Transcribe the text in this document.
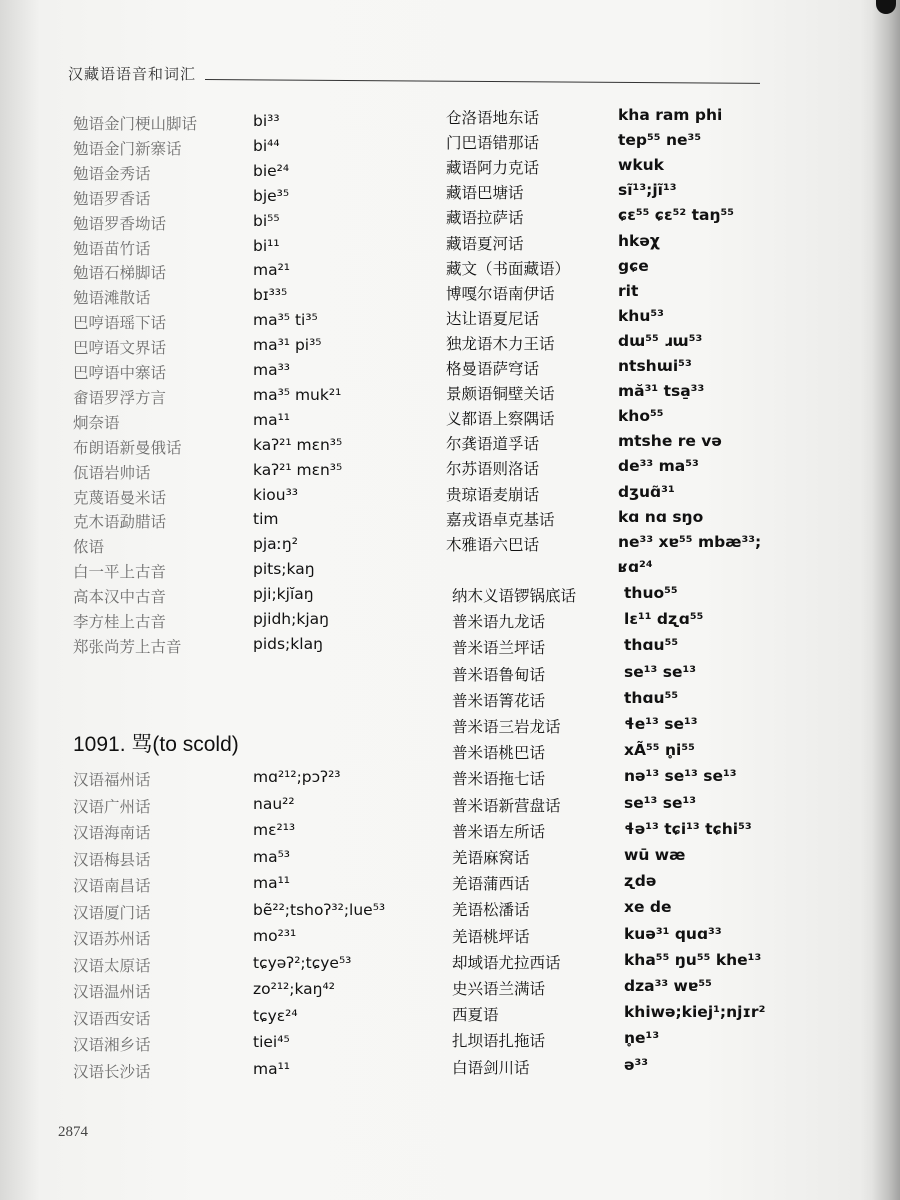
汉藏语语音和词汇
勉语金门梗山脚话	bi³³
勉语金门新寨话	bi⁴⁴
勉语金秀话	bie²⁴
勉语罗香话	bje³⁵
勉语罗香坳话	bi⁵⁵
勉语苗竹话	bi¹¹
勉语石梯脚话	ma²¹
勉语滩散话	bɪ³³⁵
巴哼语瑶下话	ma³⁵ ti³⁵
巴哼语文界话	ma³¹ pi³⁵
巴哼语中寨话	ma³³
畲语罗浮方言	ma³⁵ muk²¹
炯奈语	ma¹¹
布朗语新曼俄话	kaʔ²¹ mɛn³⁵
佤语岩帅话	kaʔ²¹ mɛn³⁵
克蔑语曼米话	kiou³³
克木语勐腊话	tim
侬语	pjaːŋ²
白一平上古音	pits;kaŋ
高本汉中古音	pji;kjĭaŋ
李方桂上古音	pjidh;kjaŋ
郑张尚芳上古音	pids;klaŋ
1091. 骂(to scold)
汉语福州话	mɑ²¹²;pɔʔ²³
汉语广州话	nau²²
汉语海南话	mɛ²¹³
汉语梅县话	ma⁵³
汉语南昌话	ma¹¹
汉语厦门话	bẽ²²;tshoʔ³²;lue⁵³
汉语苏州话	mo²³¹
汉语太原话	tɕyəʔ²;tɕye⁵³
汉语温州话	zo²¹²;kaŋ⁴²
汉语西安话	tɕyɛ²⁴
汉语湘乡话	tiei⁴⁵
汉语长沙话	ma¹¹
仓洛语地东话	kha ram phi
门巴语错那话	tep⁵⁵ ne³⁵
藏语阿力克话	wkuk
藏语巴塘话	sĩ¹³;jĩ¹³
藏语拉萨话	ɕɛ⁵⁵ ɕɛ⁵² taŋ⁵⁵
藏语夏河话	hkəχ
藏文（书面藏语）	gɕe
博嘎尔语南伊话	rit
达让语夏尼话	khu⁵³
独龙语木力王话	dɯ⁵⁵ ɹɯ⁵³
格曼语萨穹话	ntshɯi⁵³
景颇语铜壁关话	mă³¹ tsa̱³³
义都语上察隅话	kho⁵⁵
尔龚语道孚话	mtshe re və
尔苏语则洛话	de³³ ma⁵³
贵琼语麦崩话	dʒuɑ̃³¹
嘉戎语卓克基话	kɑ nɑ sŋo
木雅语六巴话	ne³³ xɐ⁵⁵ mbæ³³;
ʁɑ²⁴
纳木义语锣锅底话	thuo⁵⁵
普米语九龙话	lɛ¹¹ dʐɑ⁵⁵
普米语兰坪话	thɑu⁵⁵
普米语鲁甸话	se¹³ se¹³
普米语箐花话	thɑu⁵⁵
普米语三岩龙话	ɬe¹³ se¹³
普米语桃巴话	xÃ⁵⁵ n̥i⁵⁵
普米语拖七话	nə¹³ se¹³ se¹³
普米语新营盘话	se¹³ se¹³
普米语左所话	ɬə¹³ tɕi¹³ tɕhi⁵³
羌语麻窝话	wū wæ
羌语蒲西话	ʐdə
羌语松潘话	xe de
羌语桃坪话	kuə³¹ quɑ³³
却域语尤拉西话	kha⁵⁵ ŋu⁵⁵ khe¹³
史兴语兰满话	dza³³ wɐ⁵⁵
西夏语	khiwə;kiej¹;njɪr²
扎坝语扎拖话	n̥e¹³
白语剑川话	ə³³
2874
